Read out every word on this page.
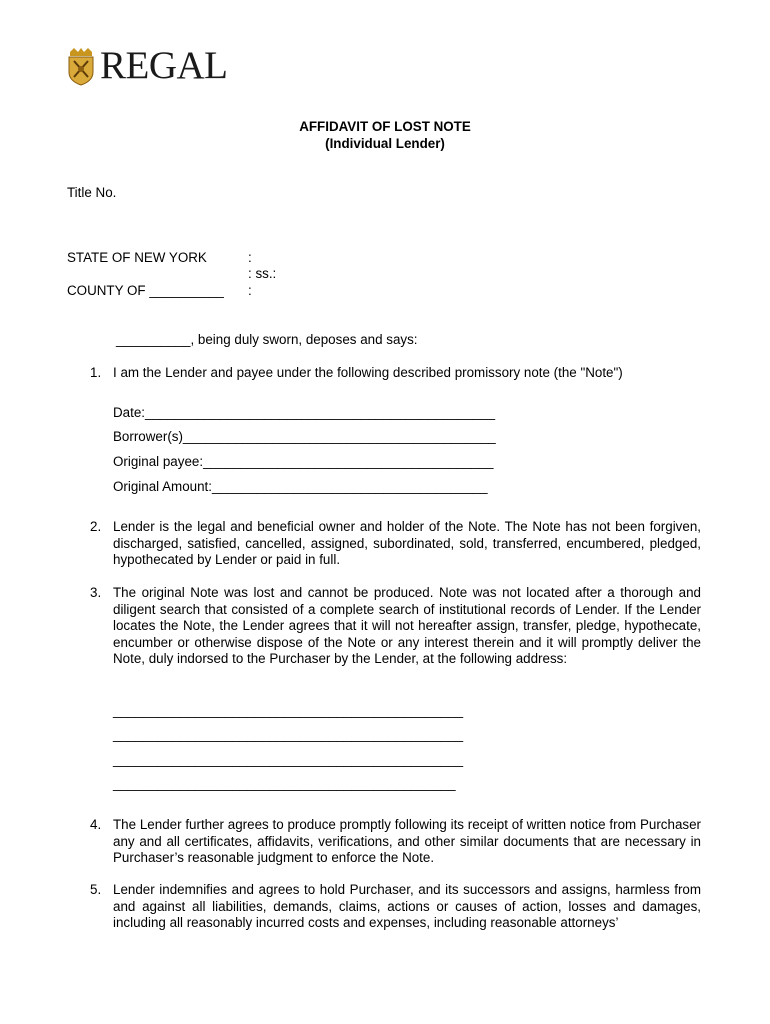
REGAL
AFFIDAVIT OF LOST NOTE
(Individual Lender)
Title No.
STATE OF NEW YORK	:
: ss.:
COUNTY OF __________ :
__________, being duly sworn, deposes and says:
1. I am the Lender and payee under the following described promissory note (the "Note")
Date:_______________________________________________
Borrower(s)__________________________________________
Original payee:_______________________________________
Original Amount:_____________________________________
2. Lender is the legal and beneficial owner and holder of the Note. The Note has not been forgiven, discharged, satisfied, cancelled, assigned, subordinated, sold, transferred, encumbered, pledged, hypothecated by Lender or paid in full.
3. The original Note was lost and cannot be produced. Note was not located after a thorough and diligent search that consisted of a complete search of institutional records of Lender. If the Lender locates the Note, the Lender agrees that it will not hereafter assign, transfer, pledge, hypothecate, encumber or otherwise dispose of the Note or any interest therein and it will promptly deliver the Note, duly indorsed to the Purchaser by the Lender, at the following address:
_______________________________________________
_______________________________________________
_______________________________________________
______________________________________________
4. The Lender further agrees to produce promptly following its receipt of written notice from Purchaser any and all certificates, affidavits, verifications, and other similar documents that are necessary in Purchaser’s reasonable judgment to enforce the Note.
5. Lender indemnifies and agrees to hold Purchaser, and its successors and assigns, harmless from and against all liabilities, demands, claims, actions or causes of action, losses and damages, including all reasonably incurred costs and expenses, including reasonable attorneys’
